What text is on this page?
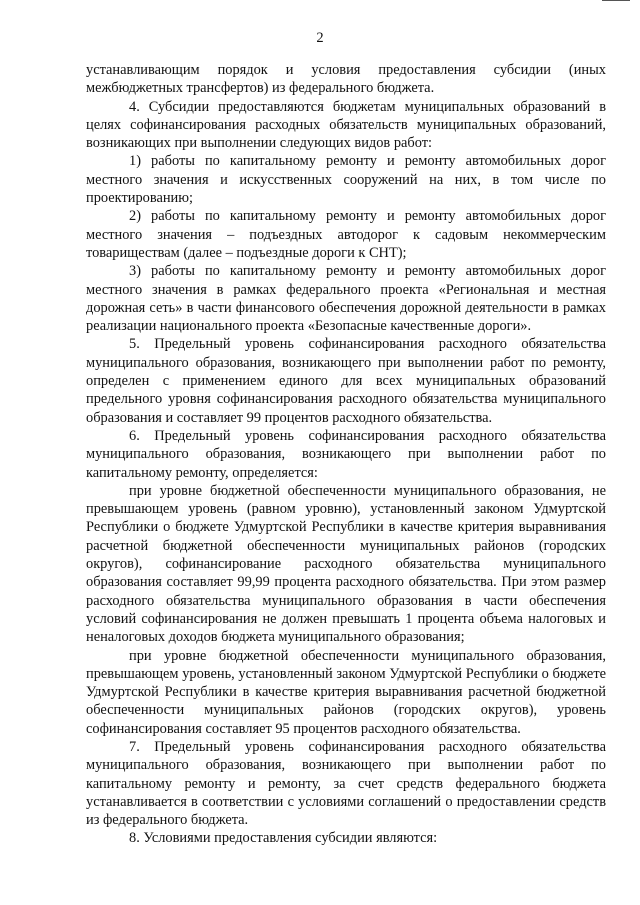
2

устанавливающим порядок и условия предоставления субсидии (иных межбюджетных трансфертов) из федерального бюджета.

4. Субсидии предоставляются бюджетам муниципальных образований в целях софинансирования расходных обязательств муниципальных образований, возникающих при выполнении следующих видов работ:

1) работы по капитальному ремонту и ремонту автомобильных дорог местного значения и искусственных сооружений на них, в том числе по проектированию;

2) работы по капитальному ремонту и ремонту автомобильных дорог местного значения – подъездных автодорог к садовым некоммерческим товариществам (далее – подъездные дороги к СНТ);

3) работы по капитальному ремонту и ремонту автомобильных дорог местного значения в рамках федерального проекта «Региональная и местная дорожная сеть» в части финансового обеспечения дорожной деятельности в рамках реализации национального проекта «Безопасные качественные дороги».

5. Предельный уровень софинансирования расходного обязательства муниципального образования, возникающего при выполнении работ по ремонту, определен с применением единого для всех муниципальных образований предельного уровня софинансирования расходного обязательства муниципального образования и составляет 99 процентов расходного обязательства.

6. Предельный уровень софинансирования расходного обязательства муниципального образования, возникающего при выполнении работ по капитальному ремонту, определяется:

при уровне бюджетной обеспеченности муниципального образования, не превышающем уровень (равном уровню), установленный законом Удмуртской Республики о бюджете Удмуртской Республики в качестве критерия выравнивания расчетной бюджетной обеспеченности муниципальных районов (городских округов), софинансирование расходного обязательства муниципального образования составляет 99,99 процента расходного обязательства. При этом размер расходного обязательства муниципального образования в части обеспечения условий софинансирования не должен превышать 1 процента объема налоговых и неналоговых доходов бюджета муниципального образования;

при уровне бюджетной обеспеченности муниципального образования, превышающем уровень, установленный законом Удмуртской Республики о бюджете Удмуртской Республики в качестве критерия выравнивания расчетной бюджетной обеспеченности муниципальных районов (городских округов), уровень софинансирования составляет 95 процентов расходного обязательства.

7. Предельный уровень софинансирования расходного обязательства муниципального образования, возникающего при выполнении работ по капитальному ремонту и ремонту, за счет средств федерального бюджета устанавливается в соответствии с условиями соглашений о предоставлении средств из федерального бюджета.

8. Условиями предоставления субсидии являются:
